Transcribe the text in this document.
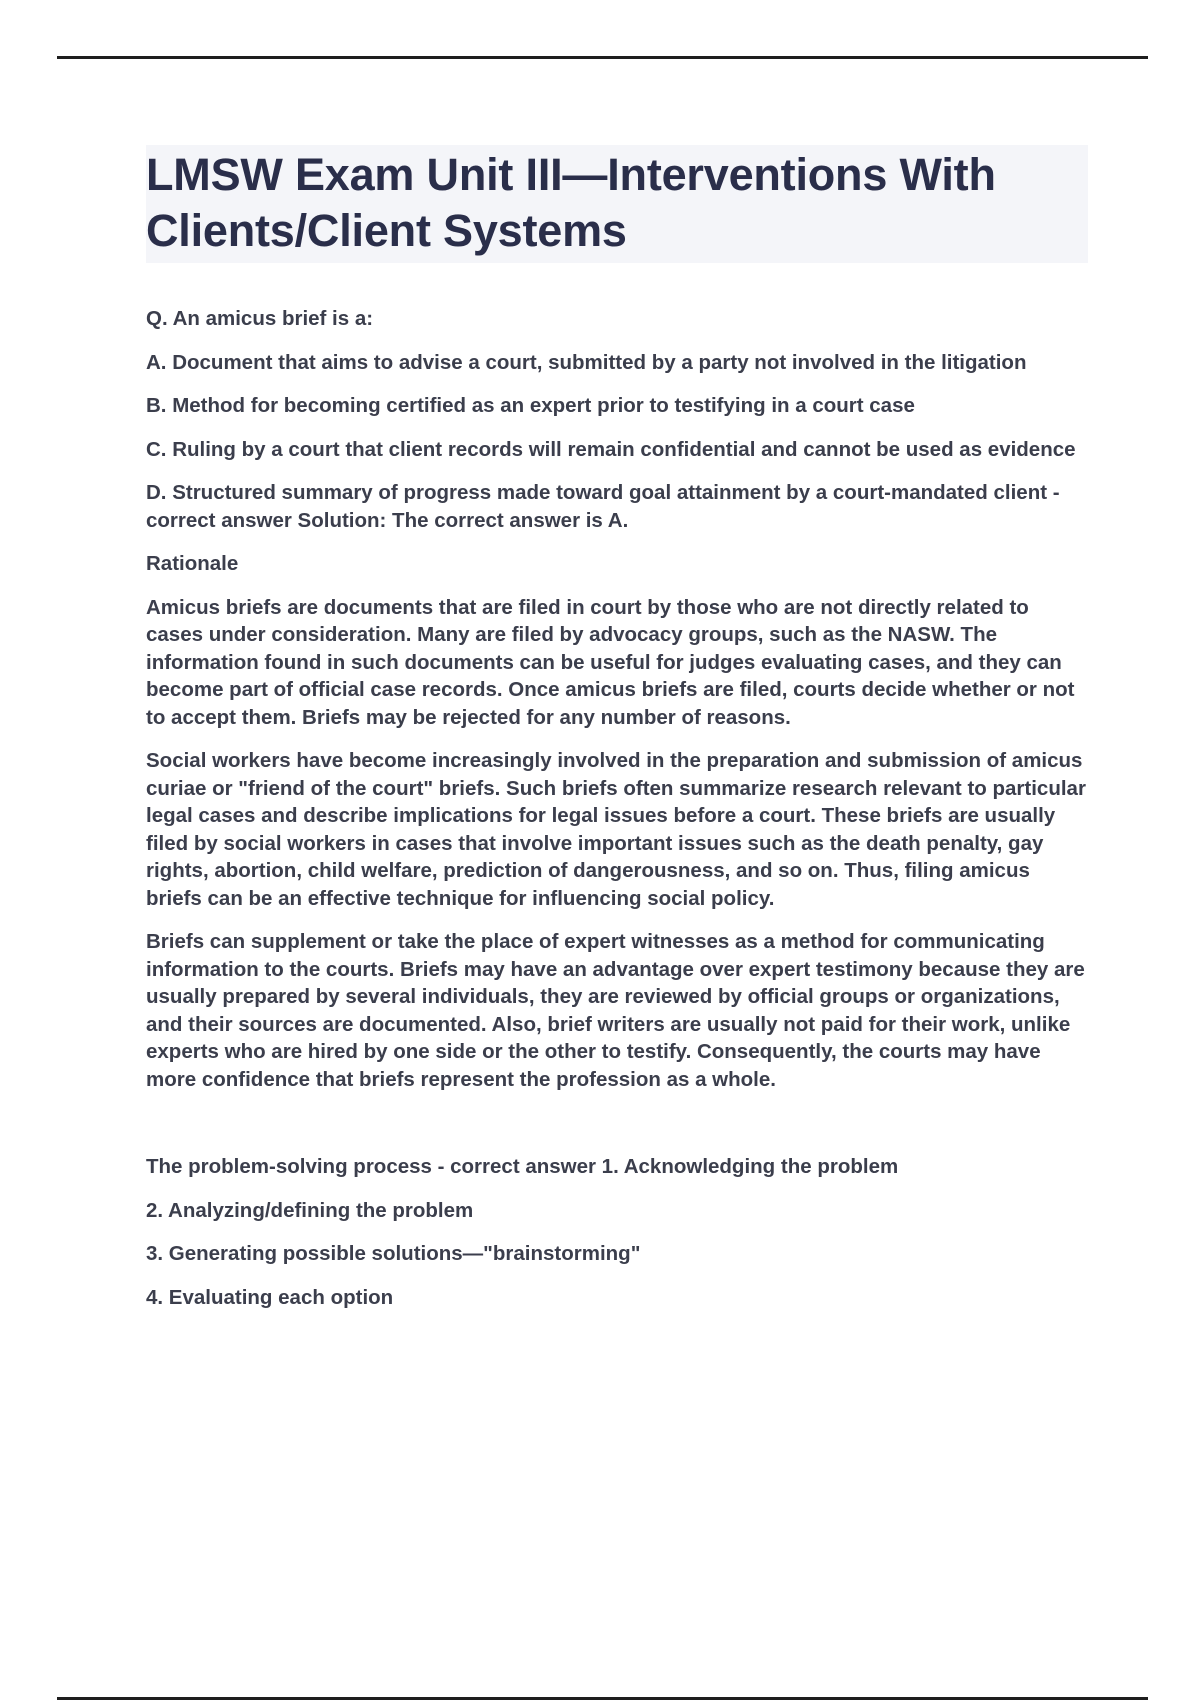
LMSW Exam Unit III—Interventions With Clients/Client Systems

Q. An amicus brief is a:

A. Document that aims to advise a court, submitted by a party not involved in the litigation

B. Method for becoming certified as an expert prior to testifying in a court case

C. Ruling by a court that client records will remain confidential and cannot be used as evidence

D. Structured summary of progress made toward goal attainment by a court-mandated client - correct answer Solution: The correct answer is A.

Rationale

Amicus briefs are documents that are filed in court by those who are not directly related to cases under consideration. Many are filed by advocacy groups, such as the NASW. The information found in such documents can be useful for judges evaluating cases, and they can become part of official case records. Once amicus briefs are filed, courts decide whether or not to accept them. Briefs may be rejected for any number of reasons.

Social workers have become increasingly involved in the preparation and submission of amicus curiae or "friend of the court" briefs. Such briefs often summarize research relevant to particular legal cases and describe implications for legal issues before a court. These briefs are usually filed by social workers in cases that involve important issues such as the death penalty, gay rights, abortion, child welfare, prediction of dangerousness, and so on. Thus, filing amicus briefs can be an effective technique for influencing social policy.

Briefs can supplement or take the place of expert witnesses as a method for communicating information to the courts. Briefs may have an advantage over expert testimony because they are usually prepared by several individuals, they are reviewed by official groups or organizations, and their sources are documented. Also, brief writers are usually not paid for their work, unlike experts who are hired by one side or the other to testify. Consequently, the courts may have more confidence that briefs represent the profession as a whole.

The problem-solving process - correct answer 1. Acknowledging the problem

2. Analyzing/defining the problem

3. Generating possible solutions—"brainstorming"

4. Evaluating each option
